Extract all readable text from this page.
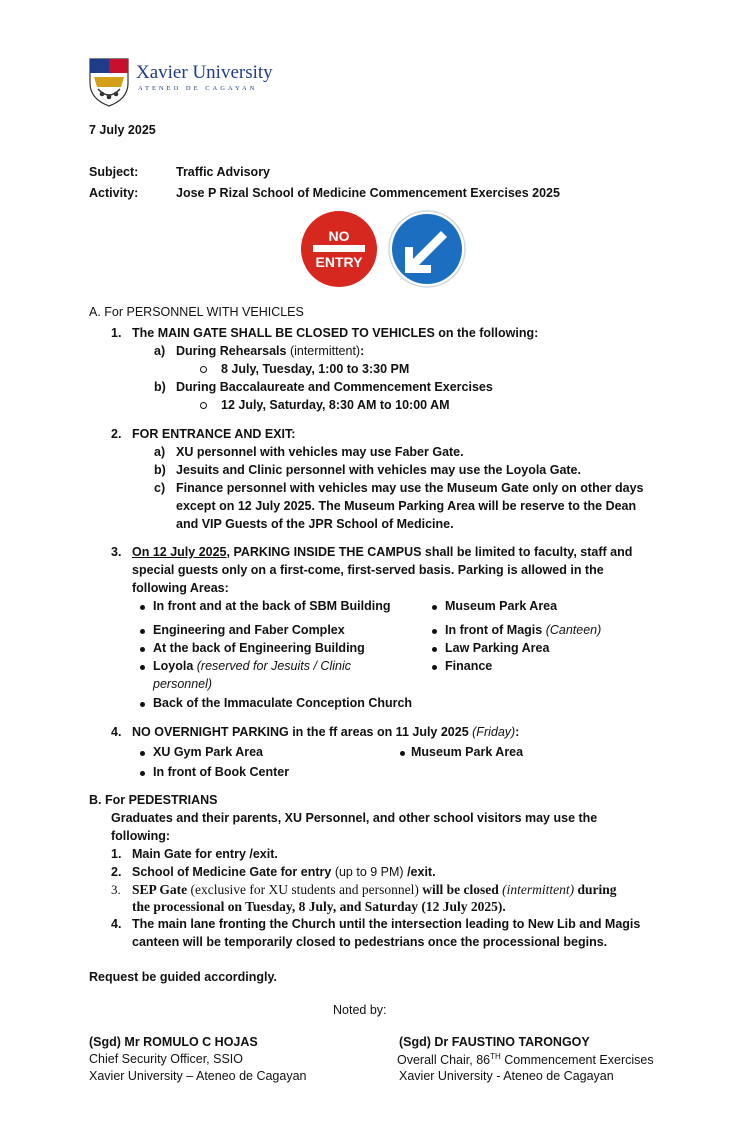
Xavier University
ATENEO DE CAGAYAN
7 July 2025
Subject:	Traffic Advisory
Activity:	Jose P Rizal School of Medicine Commencement Exercises 2025
NO
ENTRY
A. For PERSONNEL WITH VEHICLES
1. The MAIN GATE SHALL BE CLOSED TO VEHICLES on the following:
a) During Rehearsals (intermittent):
8 July, Tuesday, 1:00 to 3:30 PM
b) During Baccalaureate and Commencement Exercises
12 July, Saturday, 8:30 AM to 10:00 AM
2. FOR ENTRANCE AND EXIT:
a) XU personnel with vehicles may use Faber Gate.
b) Jesuits and Clinic personnel with vehicles may use the Loyola Gate.
c) Finance personnel with vehicles may use the Museum Gate only on other days
except on 12 July 2025. The Museum Parking Area will be reserve to the Dean
and VIP Guests of the JPR School of Medicine.
3. On 12 July 2025, PARKING INSIDE THE CAMPUS shall be limited to faculty, staff and
special guests only on a first-come, first-served basis. Parking is allowed in the
following Areas:
In front and at the back of SBM Building
Engineering and Faber Complex
At the back of Engineering Building
Loyola (reserved for Jesuits / Clinic
personnel)
Back of the Immaculate Conception Church
Museum Park Area
In front of Magis (Canteen)
Law Parking Area
Finance
4. NO OVERNIGHT PARKING in the ff areas on 11 July 2025 (Friday):
XU Gym Park Area
In front of Book Center
Museum Park Area
B. For PEDESTRIANS
Graduates and their parents, XU Personnel, and other school visitors may use the
following:
1. Main Gate for entry /exit.
2. School of Medicine Gate for entry (up to 9 PM) /exit.
3. SEP Gate (exclusive for XU students and personnel) will be closed (intermittent) during
the processional on Tuesday, 8 July, and Saturday (12 July 2025).
4. The main lane fronting the Church until the intersection leading to New Lib and Magis
canteen will be temporarily closed to pedestrians once the processional begins.
Request be guided accordingly.
Noted by:
(Sgd) Mr ROMULO C HOJAS
Chief Security Officer, SSIO
Xavier University – Ateneo de Cagayan
(Sgd) Dr FAUSTINO TARONGOY
Overall Chair, 86TH Commencement Exercises
Xavier University - Ateneo de Cagayan
